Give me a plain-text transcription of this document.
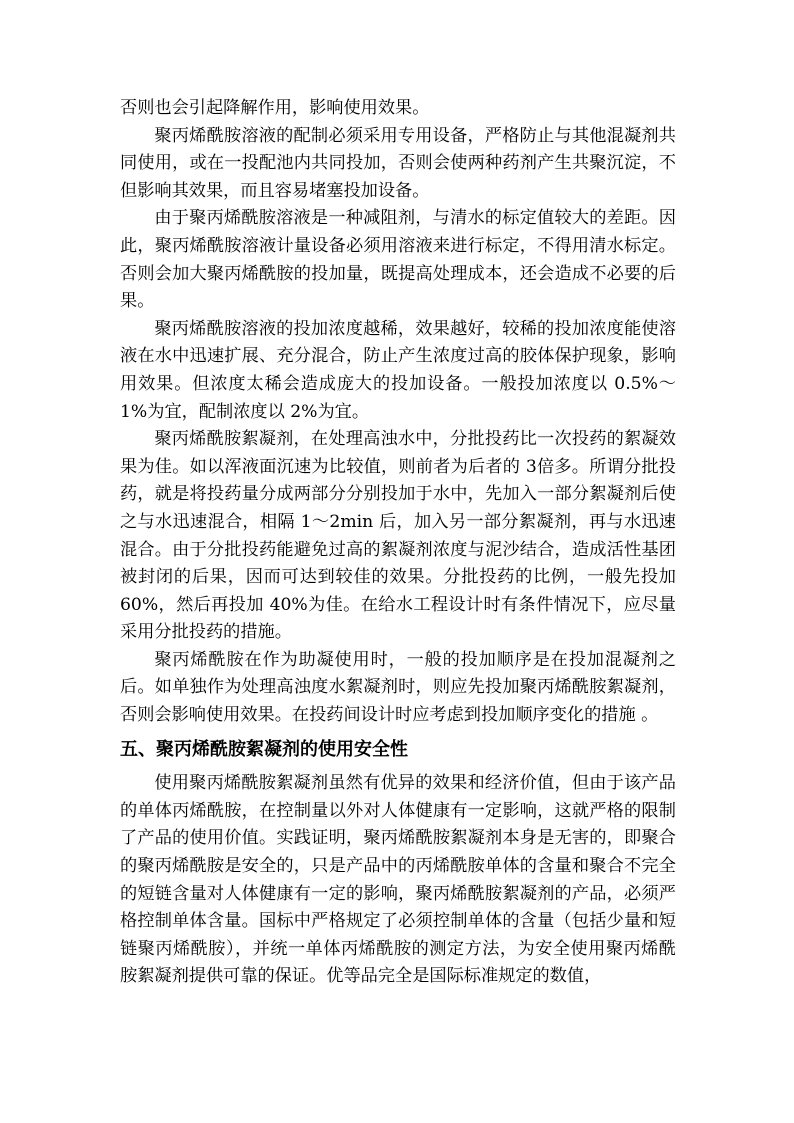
否则也会引起降解作用，影响使用效果。

聚丙烯酰胺溶液的配制必须采用专用设备，严格防止与其他混凝剂共同使用，或在一投配池内共同投加，否则会使两种药剂产生共聚沉淀，不但影响其效果，而且容易堵塞投加设备。

由于聚丙烯酰胺溶液是一种减阻剂，与清水的标定值较大的差距。因此，聚丙烯酰胺溶液计量设备必须用溶液来进行标定，不得用清水标定。否则会加大聚丙烯酰胺的投加量，既提高处理成本，还会造成不必要的后果。

聚丙烯酰胺溶液的投加浓度越稀，效果越好，较稀的投加浓度能使溶液在水中迅速扩展、充分混合，防止产生浓度过高的胶体保护现象，影响用效果。但浓度太稀会造成庞大的投加设备。一般投加浓度以 0.5%～1%为宜，配制浓度以 2%为宜。

聚丙烯酰胺絮凝剂，在处理高浊水中，分批投药比一次投药的絮凝效果为佳。如以浑液面沉速为比较值，则前者为后者的 3倍多。所谓分批投药，就是将投药量分成两部分分别投加于水中，先加入一部分絮凝剂后使之与水迅速混合，相隔 1～2min 后，加入另一部分絮凝剂，再与水迅速混合。由于分批投药能避免过高的絮凝剂浓度与泥沙结合，造成活性基团被封闭的后果，因而可达到较佳的效果。分批投药的比例，一般先投加 60%，然后再投加 40%为佳。在给水工程设计时有条件情况下，应尽量采用分批投药的措施。

聚丙烯酰胺在作为助凝使用时，一般的投加顺序是在投加混凝剂之后。如单独作为处理高浊度水絮凝剂时，则应先投加聚丙烯酰胺絮凝剂，否则会影响使用效果。在投药间设计时应考虑到投加顺序变化的措施 。

五、聚丙烯酰胺絮凝剂的使用安全性

使用聚丙烯酰胺絮凝剂虽然有优异的效果和经济价值，但由于该产品的单体丙烯酰胺，在控制量以外对人体健康有一定影响，这就严格的限制了产品的使用价值。实践证明，聚丙烯酰胺絮凝剂本身是无害的，即聚合的聚丙烯酰胺是安全的，只是产品中的丙烯酰胺单体的含量和聚合不完全的短链含量对人体健康有一定的影响，聚丙烯酰胺絮凝剂的产品，必须严格控制单体含量。国标中严格规定了必须控制单体的含量（包括少量和短链聚丙烯酰胺），并统一单体丙烯酰胺的测定方法，为安全使用聚丙烯酰胺絮凝剂提供可靠的保证。优等品完全是国际标准规定的数值，
